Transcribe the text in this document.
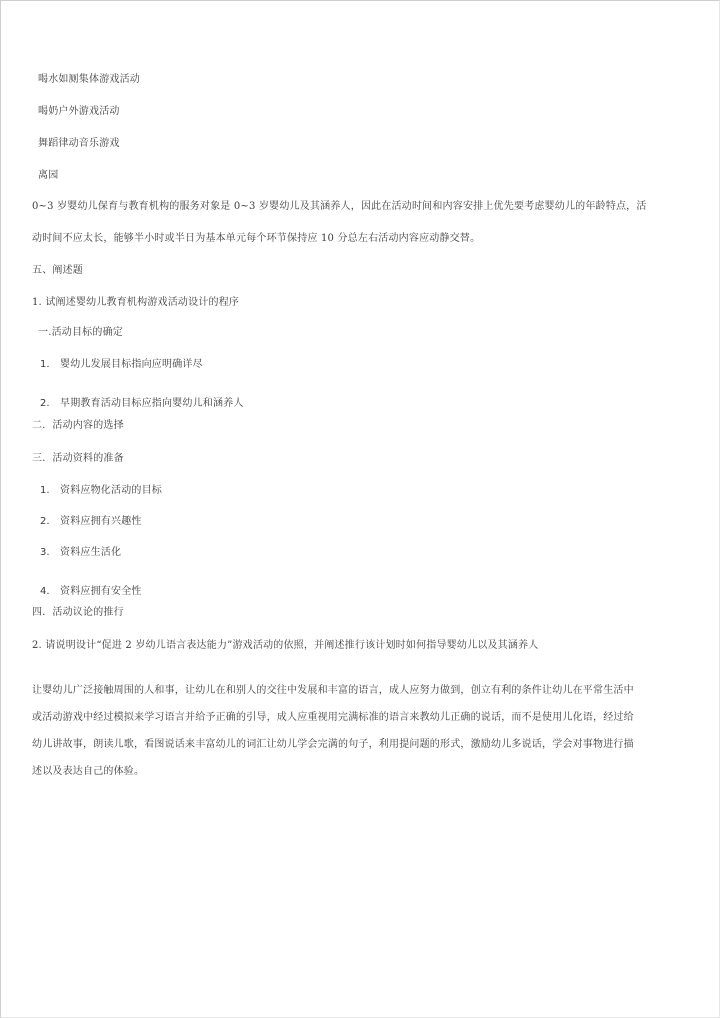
喝水如厕集体游戏活动
喝奶户外游戏活动
舞蹈律动音乐游戏
离园
0~3 岁婴幼儿保育与教育机构的服务对象是 0~3 岁婴幼儿及其涵养人，因此在活动时间和内容安排上优先要考虑婴幼儿的年龄特点，活
动时间不应太长，能够半小时或半日为基本单元每个环节保持应 10 分总左右活动内容应动静交替。
五、阐述题
1. 试阐述婴幼儿教育机构游戏活动设计的程序
一.活动目标的确定
1. 婴幼儿发展目标指向应明确详尽
2. 早期教育活动目标应指向婴幼儿和涵养人
二．活动内容的选择
三．活动资料的准备
1. 资料应物化活动的目标
2. 资料应拥有兴趣性
3. 资料应生活化
4. 资料应拥有安全性
四．活动议论的推行
2. 请说明设计“促进 2 岁幼儿语言表达能力”游戏活动的依照，并阐述推行该计划时如何指导婴幼儿以及其涵养人
让婴幼儿广泛接触周围的人和事，让幼儿在和别人的交往中发展和丰富的语言，成人应努力做到，创立有利的条件让幼儿在平常生活中
或活动游戏中经过模拟来学习语言并给予正确的引导，成人应重视用完满标准的语言来教幼儿正确的说话，而不是使用儿化语，经过给
幼儿讲故事，朗读儿歌，看图说话来丰富幼儿的词汇让幼儿学会完满的句子，利用提问题的形式，激励幼儿多说话，学会对事物进行描
述以及表达自己的体验。
